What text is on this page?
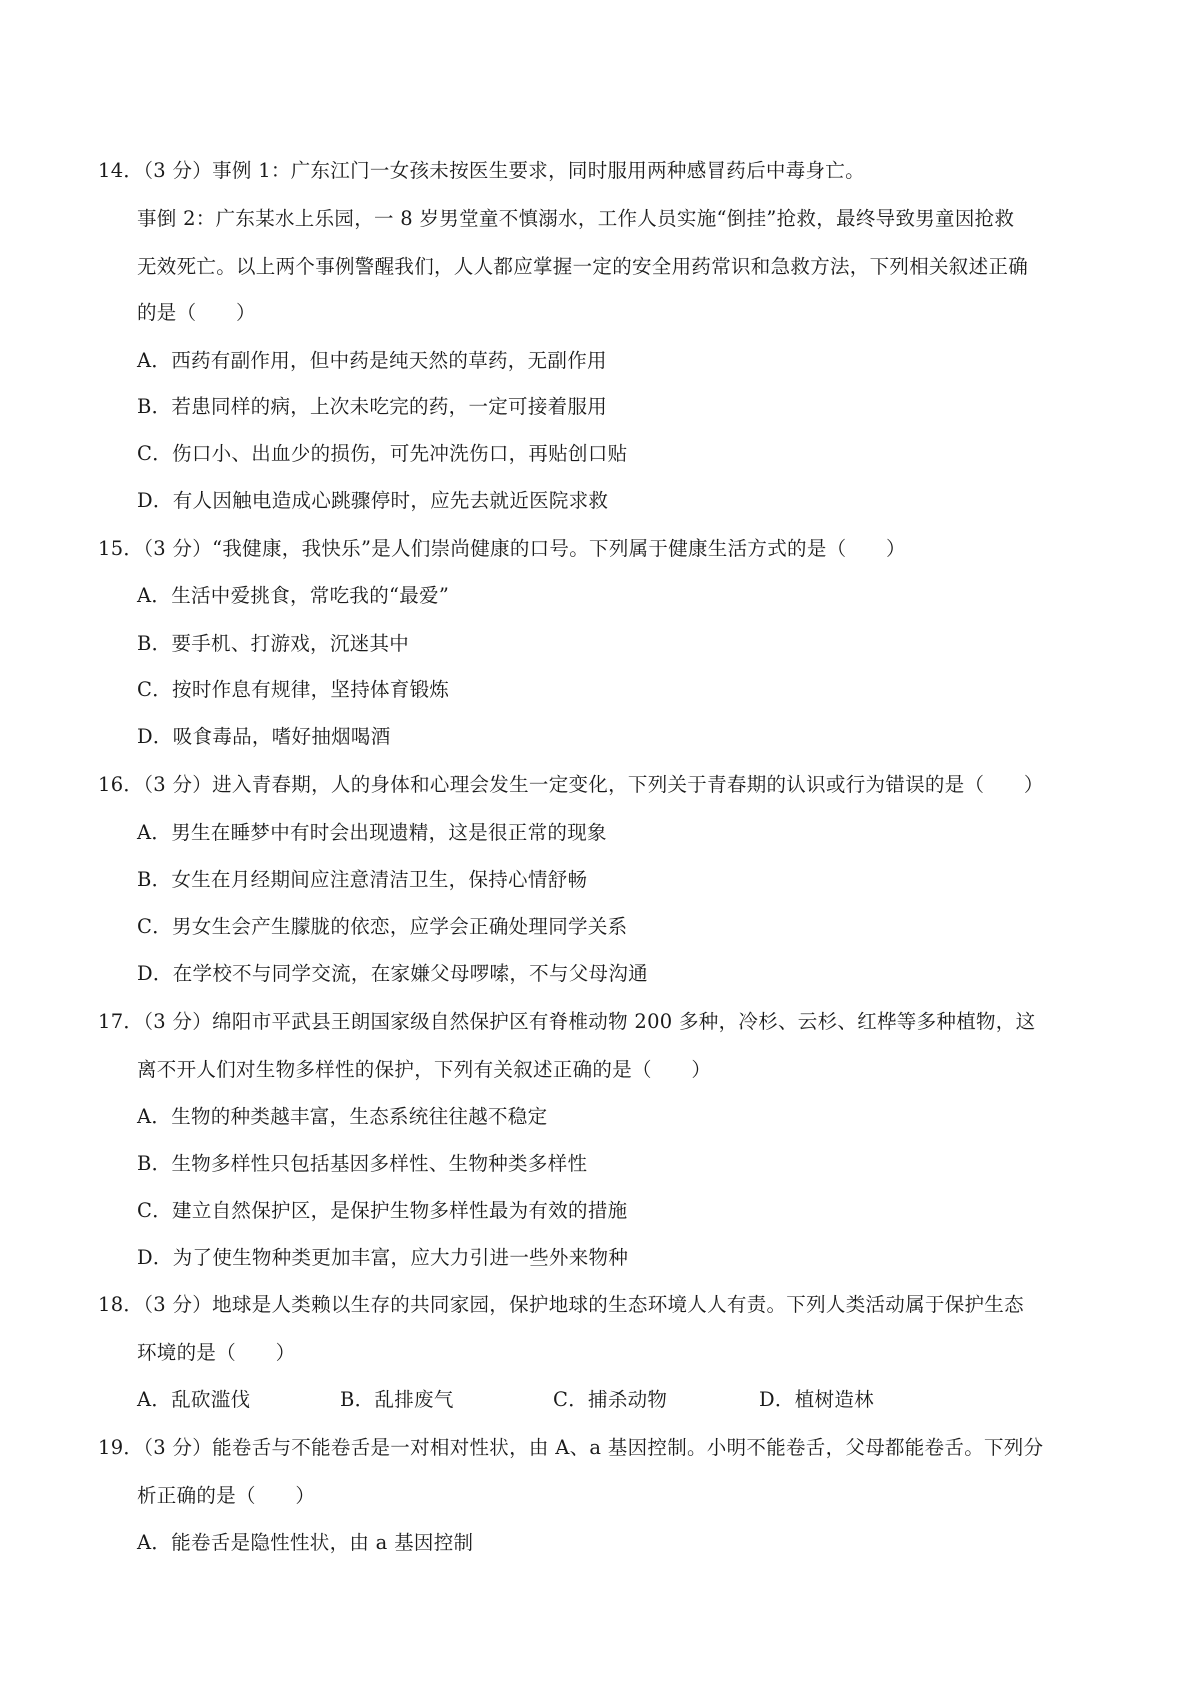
14．（3 分）事例 1：广东江门一女孩未按医生要求，同时服用两种感冒药后中毒身亡。
事倒 2：广东某水上乐园，一 8 岁男堂童不慎溺水，工作人员实施“倒挂”抢救，最终导致男童因抢救
无效死亡。以上两个事例警醒我们，人人都应掌握一定的安全用药常识和急救方法，下列相关叙述正确
的是（　　）
A．西药有副作用，但中药是纯天然的草药，无副作用
B．若患同样的病，上次未吃完的药，一定可接着服用
C．伤口小、出血少的损伤，可先冲洗伤口，再贴创口贴
D．有人因触电造成心跳骤停时，应先去就近医院求救
15．（3 分）“我健康，我快乐”是人们崇尚健康的口号。下列属于健康生活方式的是（　　）
A．生活中爱挑食，常吃我的“最爱”
B．要手机、打游戏，沉迷其中
C．按时作息有规律，坚持体育锻炼
D．吸食毒品，嗜好抽烟喝酒
16．（3 分）进入青春期，人的身体和心理会发生一定变化，下列关于青春期的认识或行为错误的是（　　）
A．男生在睡梦中有时会出现遗精，这是很正常的现象
B．女生在月经期间应注意清洁卫生，保持心情舒畅
C．男女生会产生朦胧的依恋，应学会正确处理同学关系
D．在学校不与同学交流，在家嫌父母啰嗦，不与父母沟通
17．（3 分）绵阳市平武县王朗国家级自然保护区有脊椎动物 200 多种，冷杉、云杉、红桦等多种植物，这
离不开人们对生物多样性的保护，下列有关叙述正确的是（　　）
A．生物的种类越丰富，生态系统往往越不稳定
B．生物多样性只包括基因多样性、生物种类多样性
C．建立自然保护区，是保护生物多样性最为有效的措施
D．为了使生物种类更加丰富，应大力引进一些外来物种
18．（3 分）地球是人类赖以生存的共同家园，保护地球的生态环境人人有责。下列人类活动属于保护生态
环境的是（　　）
A．乱砍滥伐	B．乱排废气	C．捕杀动物	D．植树造林
19．（3 分）能卷舌与不能卷舌是一对相对性状，由 A、a 基因控制。小明不能卷舌，父母都能卷舌。下列分
析正确的是（　　）
A．能卷舌是隐性性状，由 a 基因控制
